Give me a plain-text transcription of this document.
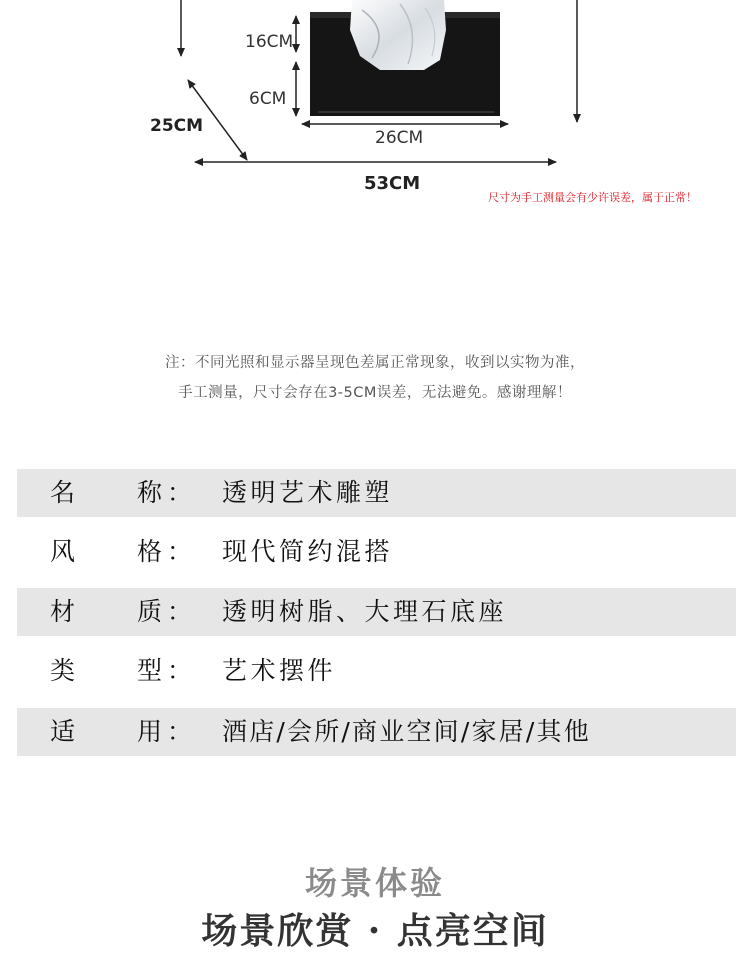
16CM
6CM
26CM
25CM
53CM
尺寸为手工测量会有少许误差，属于正常！
注：不同光照和显示器呈现色差属正常现象，收到以实物为准，
手工测量，尺寸会存在3-5CM误差，无法避免。感谢理解！
名 称 ： 透明艺术雕塑
风 格 ： 现代简约混搭
材 质 ： 透明树脂、大理石底座
类 型 ： 艺术摆件
适 用 ： 酒店/会所/商业空间/家居/其他
场景体验
场景欣赏 · 点亮空间
